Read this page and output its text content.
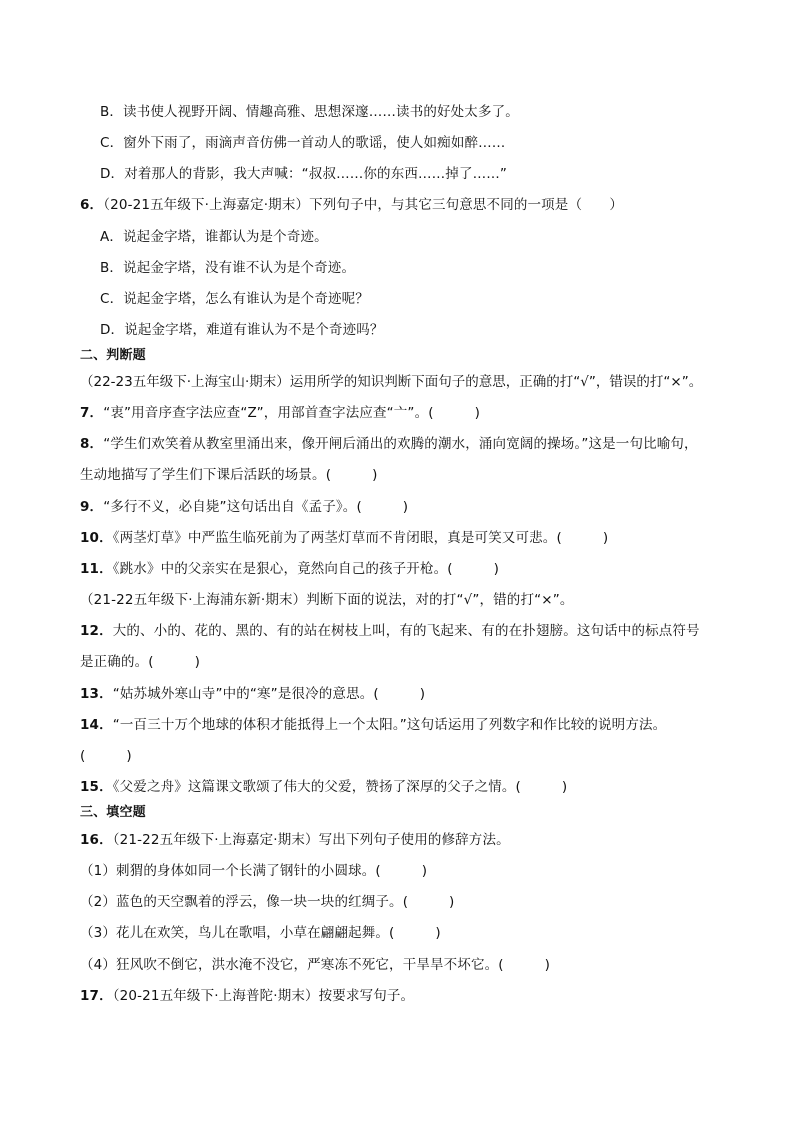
B．读书使人视野开阔、情趣高雅、思想深邃……读书的好处太多了。
C．窗外下雨了，雨滴声音仿佛一首动人的歌谣，使人如痴如醉……
D．对着那人的背影，我大声喊：“叔叔……你的东西……掉了……”
6．（20-21五年级下·上海嘉定·期末）下列句子中，与其它三句意思不同的一项是（　　）
A．说起金字塔，谁都认为是个奇迹。
B．说起金字塔，没有谁不认为是个奇迹。
C．说起金字塔，怎么有谁认为是个奇迹呢？
D．说起金字塔，难道有谁认为不是个奇迹吗？
二、判断题
（22-23五年级下·上海宝山·期末）运用所学的知识判断下面句子的意思，正确的打“√”，错误的打“×”。
7．“衷”用音序查字法应查“Z”，用部首查字法应查“亠”。(　　　)
8．“学生们欢笑着从教室里涌出来，像开闸后涌出的欢腾的潮水，涌向宽阔的操场。”这是一句比喻句，
生动地描写了学生们下课后活跃的场景。(　　　)
9．“多行不义，必自毙”这句话出自《孟子》。(　　　)
10．《两茎灯草》中严监生临死前为了两茎灯草而不肯闭眼，真是可笑又可悲。(　　　)
11．《跳水》中的父亲实在是狠心，竟然向自己的孩子开枪。(　　　)
（21-22五年级下·上海浦东新·期末）判断下面的说法，对的打“√”，错的打“×”。
12．大的、小的、花的、黑的、有的站在树枝上叫，有的飞起来、有的在扑翅膀。这句话中的标点符号
是正确的。(　　　)
13．“姑苏城外寒山寺”中的“寒”是很冷的意思。(　　　)
14．“一百三十万个地球的体积才能抵得上一个太阳。”这句话运用了列数字和作比较的说明方法。
(　　　)
15．《父爱之舟》这篇课文歌颂了伟大的父爱，赞扬了深厚的父子之情。(　　　)
三、填空题
16．（21-22五年级下·上海嘉定·期末）写出下列句子使用的修辞方法。
（1）刺猬的身体如同一个长满了钢针的小圆球。(　　　)
（2）蓝色的天空飘着的浮云，像一块一块的红绸子。(　　　)
（3）花儿在欢笑，鸟儿在歌唱，小草在翩翩起舞。(　　　)
（4）狂风吹不倒它，洪水淹不没它，严寒冻不死它，干旱旱不坏它。(　　　)
17．（20-21五年级下·上海普陀·期末）按要求写句子。
